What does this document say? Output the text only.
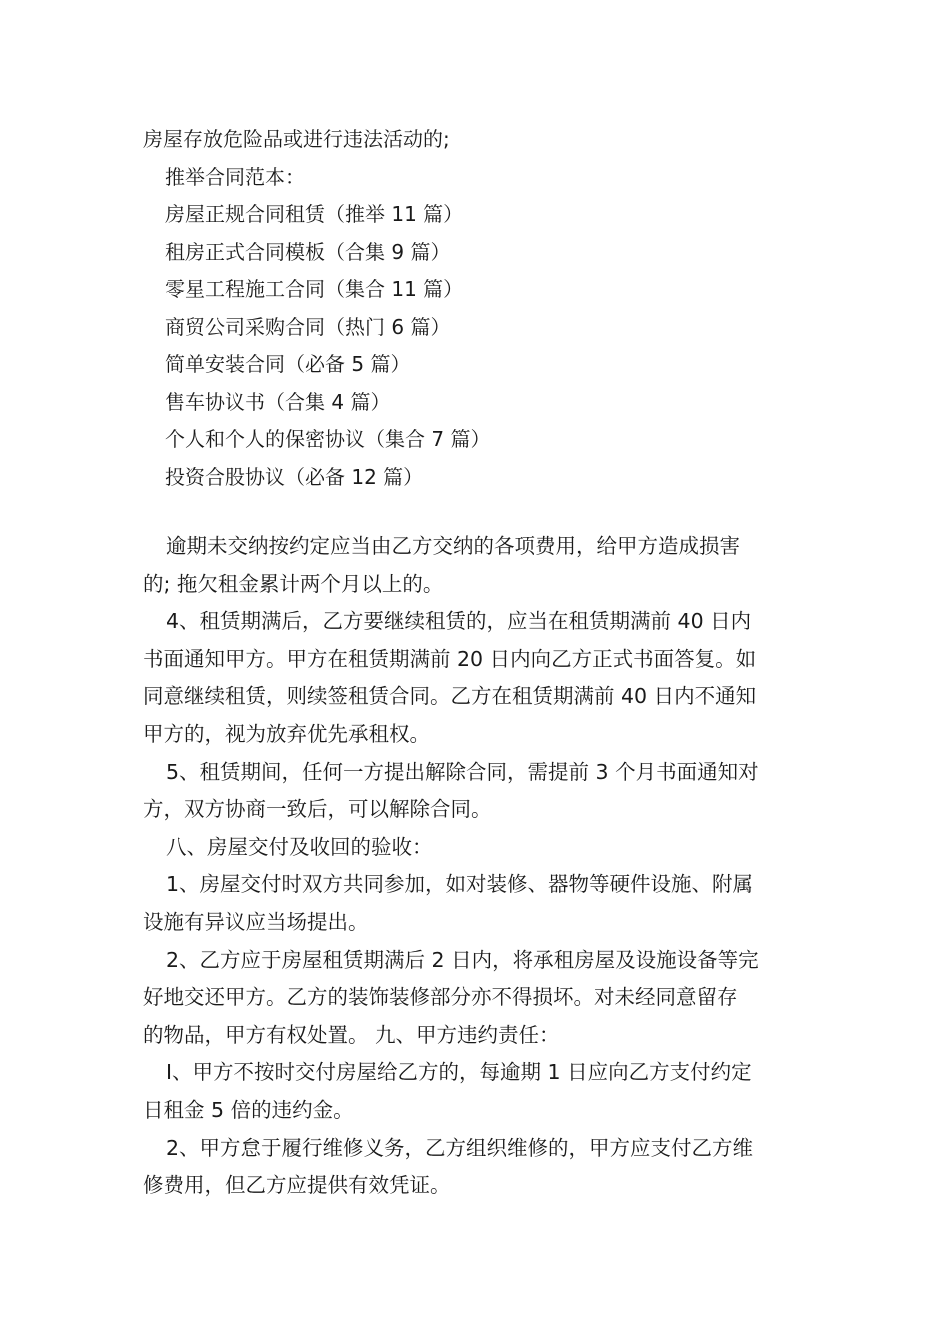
房屋存放危险品或进行违法活动的;
推举合同范本：
房屋正规合同租赁（推举 11 篇）
租房正式合同模板（合集 9 篇）
零星工程施工合同（集合 11 篇）
商贸公司采购合同（热门 6 篇）
简单安装合同（必备 5 篇）
售车协议书（合集 4 篇）
个人和个人的保密协议（集合 7 篇）
投资合股协议（必备 12 篇）
逾期未交纳按约定应当由乙方交纳的各项费用，给甲方造成损害
的; 拖欠租金累计两个月以上的。
4、租赁期满后，乙方要继续租赁的，应当在租赁期满前 40 日内
书面通知甲方。甲方在租赁期满前 20 日内向乙方正式书面答复。如
同意继续租赁，则续签租赁合同。乙方在租赁期满前 40 日内不通知
甲方的，视为放弃优先承租权。
5、租赁期间，任何一方提出解除合同，需提前 3 个月书面通知对
方，双方协商一致后，可以解除合同。
八、房屋交付及收回的验收：
1、房屋交付时双方共同参加，如对装修、器物等硬件设施、附属
设施有异议应当场提出。
2、乙方应于房屋租赁期满后 2 日内，将承租房屋及设施设备等完
好地交还甲方。乙方的装饰装修部分亦不得损坏。对未经同意留存
的物品，甲方有权处置。 九、甲方违约责任：
I、甲方不按时交付房屋给乙方的，每逾期 1 日应向乙方支付约定
日租金 5 倍的违约金。
2、甲方怠于履行维修义务，乙方组织维修的，甲方应支付乙方维
修费用，但乙方应提供有效凭证。
